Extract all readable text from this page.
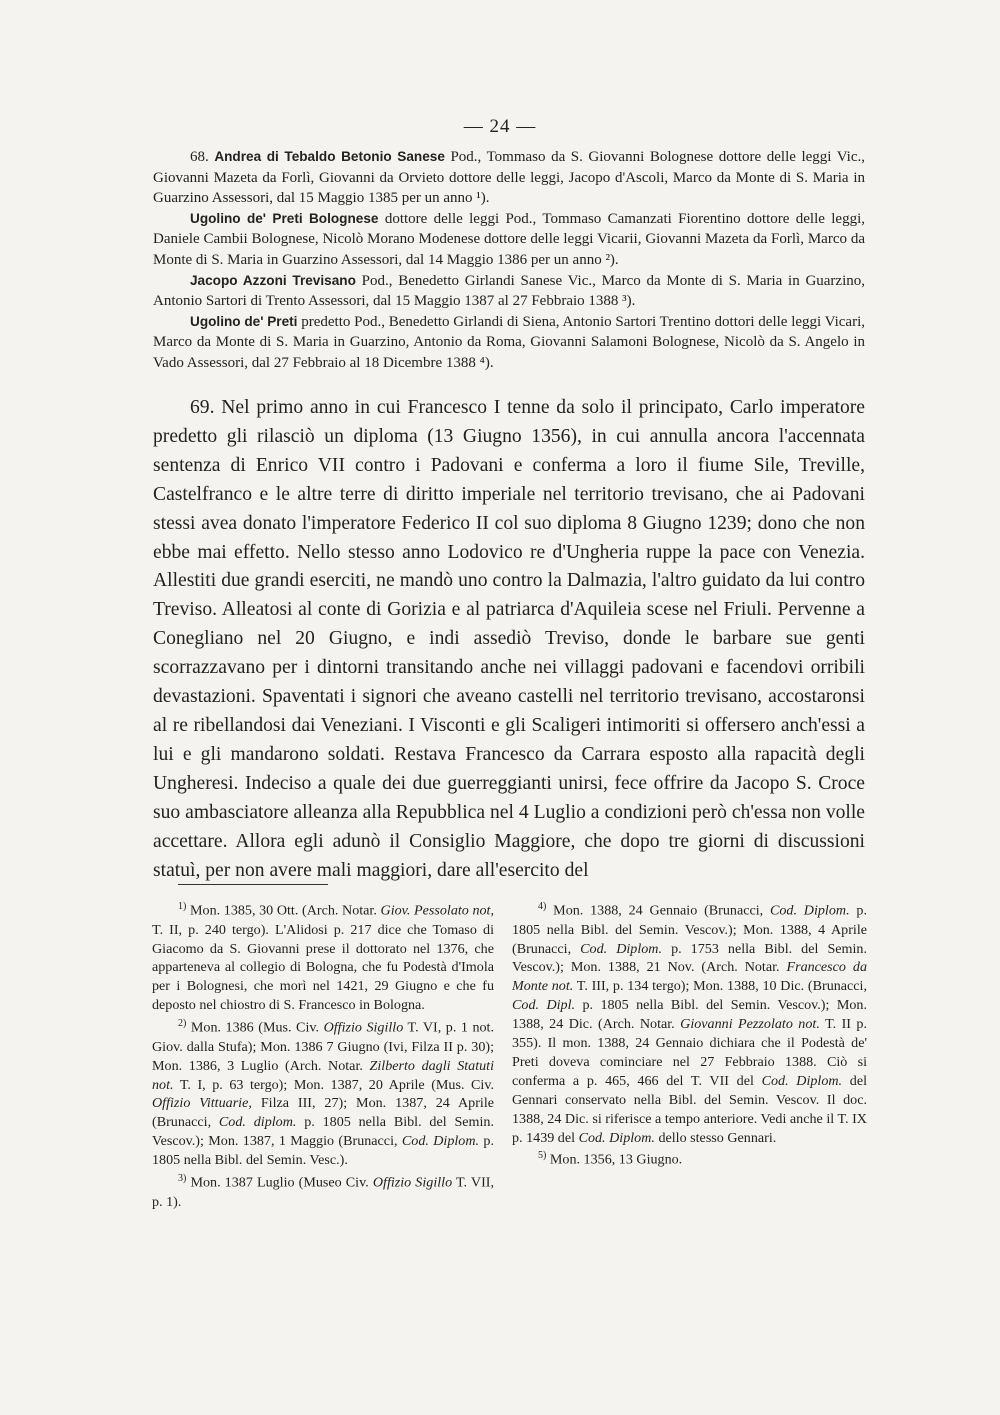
— 24 —

68. Andrea di Tebaldo Betonio Sanese Pod., Tommaso da S. Giovanni Bolognese dottore delle leggi Vic., Giovanni Mazeta da Forlì, Giovanni da Orvieto dottore delle leggi, Jacopo d'Ascoli, Marco da Monte di S. Maria in Guarzino Assessori, dal 15 Maggio 1385 per un anno ¹).

Ugolino de' Preti Bolognese dottore delle leggi Pod., Tommaso Camanzati Fiorentino dottore delle leggi, Daniele Cambii Bolognese, Nicolò Morano Modenese dottore delle leggi Vicarii, Giovanni Mazeta da Forlì, Marco da Monte di S. Maria in Guarzino Assessori, dal 14 Maggio 1386 per un anno ²).

Jacopo Azzoni Trevisano Pod., Benedetto Girlandi Sanese Vic., Marco da Monte di S. Maria in Guarzino, Antonio Sartori di Trento Assessori, dal 15 Maggio 1387 al 27 Febbraio 1388 ³).

Ugolino de' Preti predetto Pod., Benedetto Girlandi di Siena, Antonio Sartori Trentino dottori delle leggi Vicari, Marco da Monte di S. Maria in Guarzino, Antonio da Roma, Giovanni Salamoni Bolognese, Nicolò da S. Angelo in Vado Assessori, dal 27 Febbraio al 18 Dicembre 1388 ⁴).

69. Nel primo anno in cui Francesco I tenne da solo il principato, Carlo imperatore predetto gli rilasciò un diploma (13 Giugno 1356), in cui annulla ancora l'accennata sentenza di Enrico VII contro i Padovani e conferma a loro il fiume Sile, Treville, Castelfranco e le altre terre di diritto imperiale nel territorio trevisano, che ai Padovani stessi avea donato l'imperatore Federico II col suo diploma 8 Giugno 1239; dono che non ebbe mai effetto. Nello stesso anno Lodovico re d'Ungheria ruppe la pace con Venezia. Allestiti due grandi eserciti, ne mandò uno contro la Dalmazia, l'altro guidato da lui contro Treviso. Alleatosi al conte di Gorizia e al patriarca d'Aquileia scese nel Friuli. Pervenne a Conegliano nel 20 Giugno, e indi assediò Treviso, donde le barbare sue genti scorrazzavano per i dintorni transitando anche nei villaggi padovani e facendovi orribili devastazioni. Spaventati i signori che aveano castelli nel territorio trevisano, accostaronsi al re ribellandosi dai Veneziani. I Visconti e gli Scaligeri intimoriti si offersero anch'essi a lui e gli mandarono soldati. Restava Francesco da Carrara esposto alla rapacità degli Ungheresi. Indeciso a quale dei due guerreggianti unirsi, fece offrire da Jacopo S. Croce suo ambasciatore alleanza alla Repubblica nel 4 Luglio a condizioni però ch'essa non volle accettare. Allora egli adunò il Consiglio Maggiore, che dopo tre giorni di discussioni statuì, per non avere mali maggiori, dare all'esercito del

$^{1)}$ Mon. 1385, 30 Ott. (Arch. Notar. Giov. Pessolato not, T. II, p. 240 tergo). L'Alidosi p. 217 dice che Tomaso di Giacomo da S. Giovanni prese il dottorato nel 1376, che apparteneva al collegio di Bologna, che fu Podestà d'Imola per i Bolognesi, che morì nel 1421, 29 Giugno e che fu deposto nel chiostro di S. Francesco in Bologna.

$^{2)}$ Mon. 1386 (Mus. Civ. Offizio Sigillo T. VI, p. 1 not. Giov. dalla Stufa); Mon. 1386 7 Giugno (Ivi, Filza II p. 30); Mon. 1386, 3 Luglio (Arch. Notar. Zilberto dagli Statuti not. T. I, p. 63 tergo); Mon. 1387, 20 Aprile (Mus. Civ. Offizio Vittuarie, Filza III, 27); Mon. 1387, 24 Aprile (Brunacci, Cod. diplom. p. 1805 nella Bibl. del Semin. Vescov.); Mon. 1387, 1 Maggio (Brunacci, Cod. Diplom. p. 1805 nella Bibl. del Semin. Vesc.).

$^{3)}$ Mon. 1387 Luglio (Museo Civ. Offizio Sigillo T. VII, p. 1).

$^{4)}$ Mon. 1388, 24 Gennaio (Brunacci, Cod. Diplom. p. 1805 nella Bibl. del Semin. Vescov.); Mon. 1388, 4 Aprile (Brunacci, Cod. Diplom. p. 1753 nella Bibl. del Semin. Vescov.); Mon. 1388, 21 Nov. (Arch. Notar. Francesco da Monte not. T. III, p. 134 tergo); Mon. 1388, 10 Dic. (Brunacci, Cod. Dipl. p. 1805 nella Bibl. del Semin. Vescov.); Mon. 1388, 24 Dic. (Arch. Notar. Giovanni Pezzolato not. T. II p. 355). Il mon. 1388, 24 Gennaio dichiara che il Podestà de' Preti doveva cominciare nel 27 Febbraio 1388. Ciò si conferma a p. 465, 466 del T. VII del Cod. Diplom. del Gennari conservato nella Bibl. del Semin. Vescov. Il doc. 1388, 24 Dic. si riferisce a tempo anteriore. Vedi anche il T. IX p. 1439 del Cod. Diplom. dello stesso Gennari.

$^{5)}$ Mon. 1356, 13 Giugno.
